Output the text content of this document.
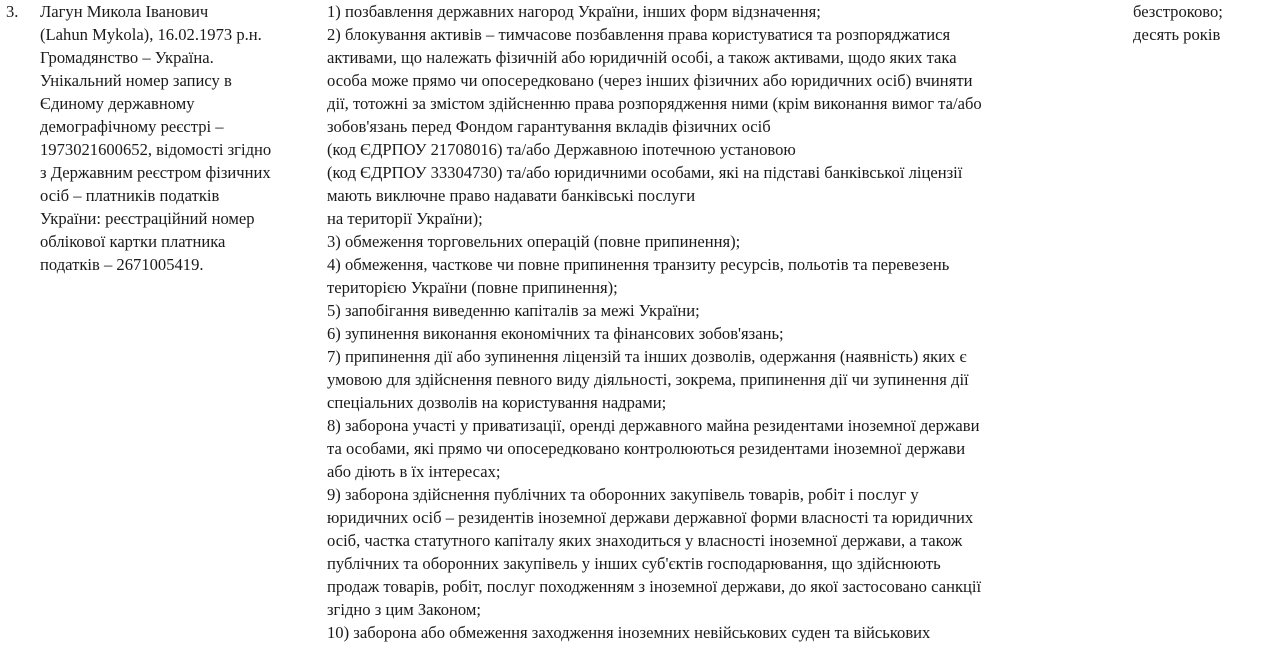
3.	Лагун Микола Іванович
(Lahun Mykola), 16.02.1973 р.н.
Громадянство – Україна.
Унікальний номер запису в
Єдиному державному
демографічному реєстрі –
1973021600652, відомості згідно
з Державним реєстром фізичних
осіб – платників податків
України: реєстраційний номер
облікової картки платника
податків – 2671005419.
1) позбавлення державних нагород України, інших форм відзначення;
2) блокування активів – тимчасове позбавлення права користуватися та розпоряджатися
активами, що належать фізичній або юридичній особі, а також активами, щодо яких така
особа може прямо чи опосередковано (через інших фізичних або юридичних осіб) вчиняти
дії, тотожні за змістом здійсненню права розпорядження ними (крім виконання вимог та/або
зобов'язань перед Фондом гарантування вкладів фізичних осіб
(код ЄДРПОУ 21708016) та/або Державною іпотечною установою
(код ЄДРПОУ 33304730) та/або юридичними особами, які на підставі банківської ліцензії
мають виключне право надавати банківські послуги
на території України);
3) обмеження торговельних операцій (повне припинення);
4) обмеження, часткове чи повне припинення транзиту ресурсів, польотів та перевезень
територією України (повне припинення);
5) запобігання виведенню капіталів за межі України;
6) зупинення виконання економічних та фінансових зобов'язань;
7) припинення дії або зупинення ліцензій та інших дозволів, одержання (наявність) яких є
умовою для здійснення певного виду діяльності, зокрема, припинення дії чи зупинення дії
спеціальних дозволів на користування надрами;
8) заборона участі у приватизації, оренді державного майна резидентами іноземної держави
та особами, які прямо чи опосередковано контролюються резидентами іноземної держави
або діють в їх інтересах;
9) заборона здійснення публічних та оборонних закупівель товарів, робіт і послуг у
юридичних осіб – резидентів іноземної держави державної форми власності та юридичних
осіб, частка статутного капіталу яких знаходиться у власності іноземної держави, а також
публічних та оборонних закупівель у інших суб'єктів господарювання, що здійснюють
продаж товарів, робіт, послуг походженням з іноземної держави, до якої застосовано санкції
згідно з цим Законом;
10) заборона або обмеження заходження іноземних невійськових суден та військових
безстроково;
десять років
